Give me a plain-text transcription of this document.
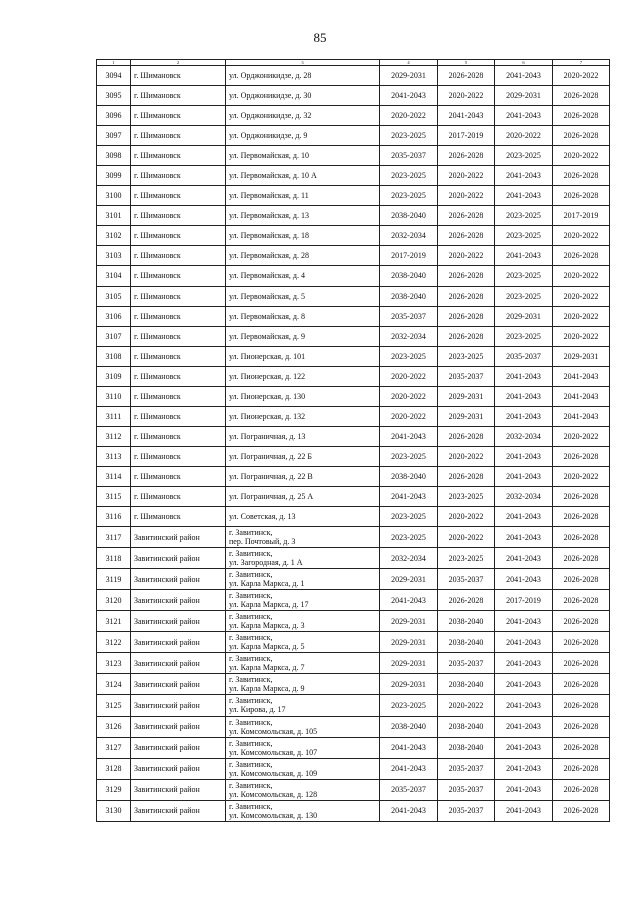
85
1	2	3	4	5	6	7
3094	г. Шимановск	ул. Орджоникидзе, д. 28	2029-2031	2026-2028	2041-2043	2020-2022
3095	г. Шимановск	ул. Орджоникидзе, д. 30	2041-2043	2020-2022	2029-2031	2026-2028
3096	г. Шимановск	ул. Орджоникидзе, д. 32	2020-2022	2041-2043	2041-2043	2026-2028
3097	г. Шимановск	ул. Орджоникидзе, д. 9	2023-2025	2017-2019	2020-2022	2026-2028
3098	г. Шимановск	ул. Первомайская, д. 10	2035-2037	2026-2028	2023-2025	2020-2022
3099	г. Шимановск	ул. Первомайская, д. 10 А	2023-2025	2020-2022	2041-2043	2026-2028
3100	г. Шимановск	ул. Первомайская, д. 11	2023-2025	2020-2022	2041-2043	2026-2028
3101	г. Шимановск	ул. Первомайская, д. 13	2038-2040	2026-2028	2023-2025	2017-2019
3102	г. Шимановск	ул. Первомайская, д. 18	2032-2034	2026-2028	2023-2025	2020-2022
3103	г. Шимановск	ул. Первомайская, д. 28	2017-2019	2020-2022	2041-2043	2026-2028
3104	г. Шимановск	ул. Первомайская, д. 4	2038-2040	2026-2028	2023-2025	2020-2022
3105	г. Шимановск	ул. Первомайская, д. 5	2038-2040	2026-2028	2023-2025	2020-2022
3106	г. Шимановск	ул. Первомайская, д. 8	2035-2037	2026-2028	2029-2031	2020-2022
3107	г. Шимановск	ул. Первомайская, д. 9	2032-2034	2026-2028	2023-2025	2020-2022
3108	г. Шимановск	ул. Пионерская, д. 101	2023-2025	2023-2025	2035-2037	2029-2031
3109	г. Шимановск	ул. Пионерская, д. 122	2020-2022	2035-2037	2041-2043	2041-2043
3110	г. Шимановск	ул. Пионерская, д. 130	2020-2022	2029-2031	2041-2043	2041-2043
3111	г. Шимановск	ул. Пионерская, д. 132	2020-2022	2029-2031	2041-2043	2041-2043
3112	г. Шимановск	ул. Пограничная, д. 13	2041-2043	2026-2028	2032-2034	2020-2022
3113	г. Шимановск	ул. Пограничная, д. 22 Б	2023-2025	2020-2022	2041-2043	2026-2028
3114	г. Шимановск	ул. Пограничная, д. 22 В	2038-2040	2026-2028	2041-2043	2020-2022
3115	г. Шимановск	ул. Пограничная, д. 25 А	2041-2043	2023-2025	2032-2034	2026-2028
3116	г. Шимановск	ул. Советская, д. 13	2023-2025	2020-2022	2041-2043	2026-2028
3117	Завитинский район	г. Завитинск,
пер. Почтовый, д. 3	2023-2025	2020-2022	2041-2043	2026-2028
3118	Завитинский район	г. Завитинск,
ул. Загородная, д. 1 А	2032-2034	2023-2025	2041-2043	2026-2028
3119	Завитинский район	г. Завитинск,
ул. Карла Маркса, д. 1	2029-2031	2035-2037	2041-2043	2026-2028
3120	Завитинский район	г. Завитинск,
ул. Карла Маркса, д. 17	2041-2043	2026-2028	2017-2019	2026-2028
3121	Завитинский район	г. Завитинск,
ул. Карла Маркса, д. 3	2029-2031	2038-2040	2041-2043	2026-2028
3122	Завитинский район	г. Завитинск,
ул. Карла Маркса, д. 5	2029-2031	2038-2040	2041-2043	2026-2028
3123	Завитинский район	г. Завитинск,
ул. Карла Маркса, д. 7	2029-2031	2035-2037	2041-2043	2026-2028
3124	Завитинский район	г. Завитинск,
ул. Карла Маркса, д. 9	2029-2031	2038-2040	2041-2043	2026-2028
3125	Завитинский район	г. Завитинск,
ул. Кирова, д. 17	2023-2025	2020-2022	2041-2043	2026-2028
3126	Завитинский район	г. Завитинск,
ул. Комсомольская, д. 105	2038-2040	2038-2040	2041-2043	2026-2028
3127	Завитинский район	г. Завитинск,
ул. Комсомольская, д. 107	2041-2043	2038-2040	2041-2043	2026-2028
3128	Завитинский район	г. Завитинск,
ул. Комсомольская, д. 109	2041-2043	2035-2037	2041-2043	2026-2028
3129	Завитинский район	г. Завитинск,
ул. Комсомольская, д. 128	2035-2037	2035-2037	2041-2043	2026-2028
3130	Завитинский район	г. Завитинск,
ул. Комсомольская, д. 130	2041-2043	2035-2037	2041-2043	2026-2028
